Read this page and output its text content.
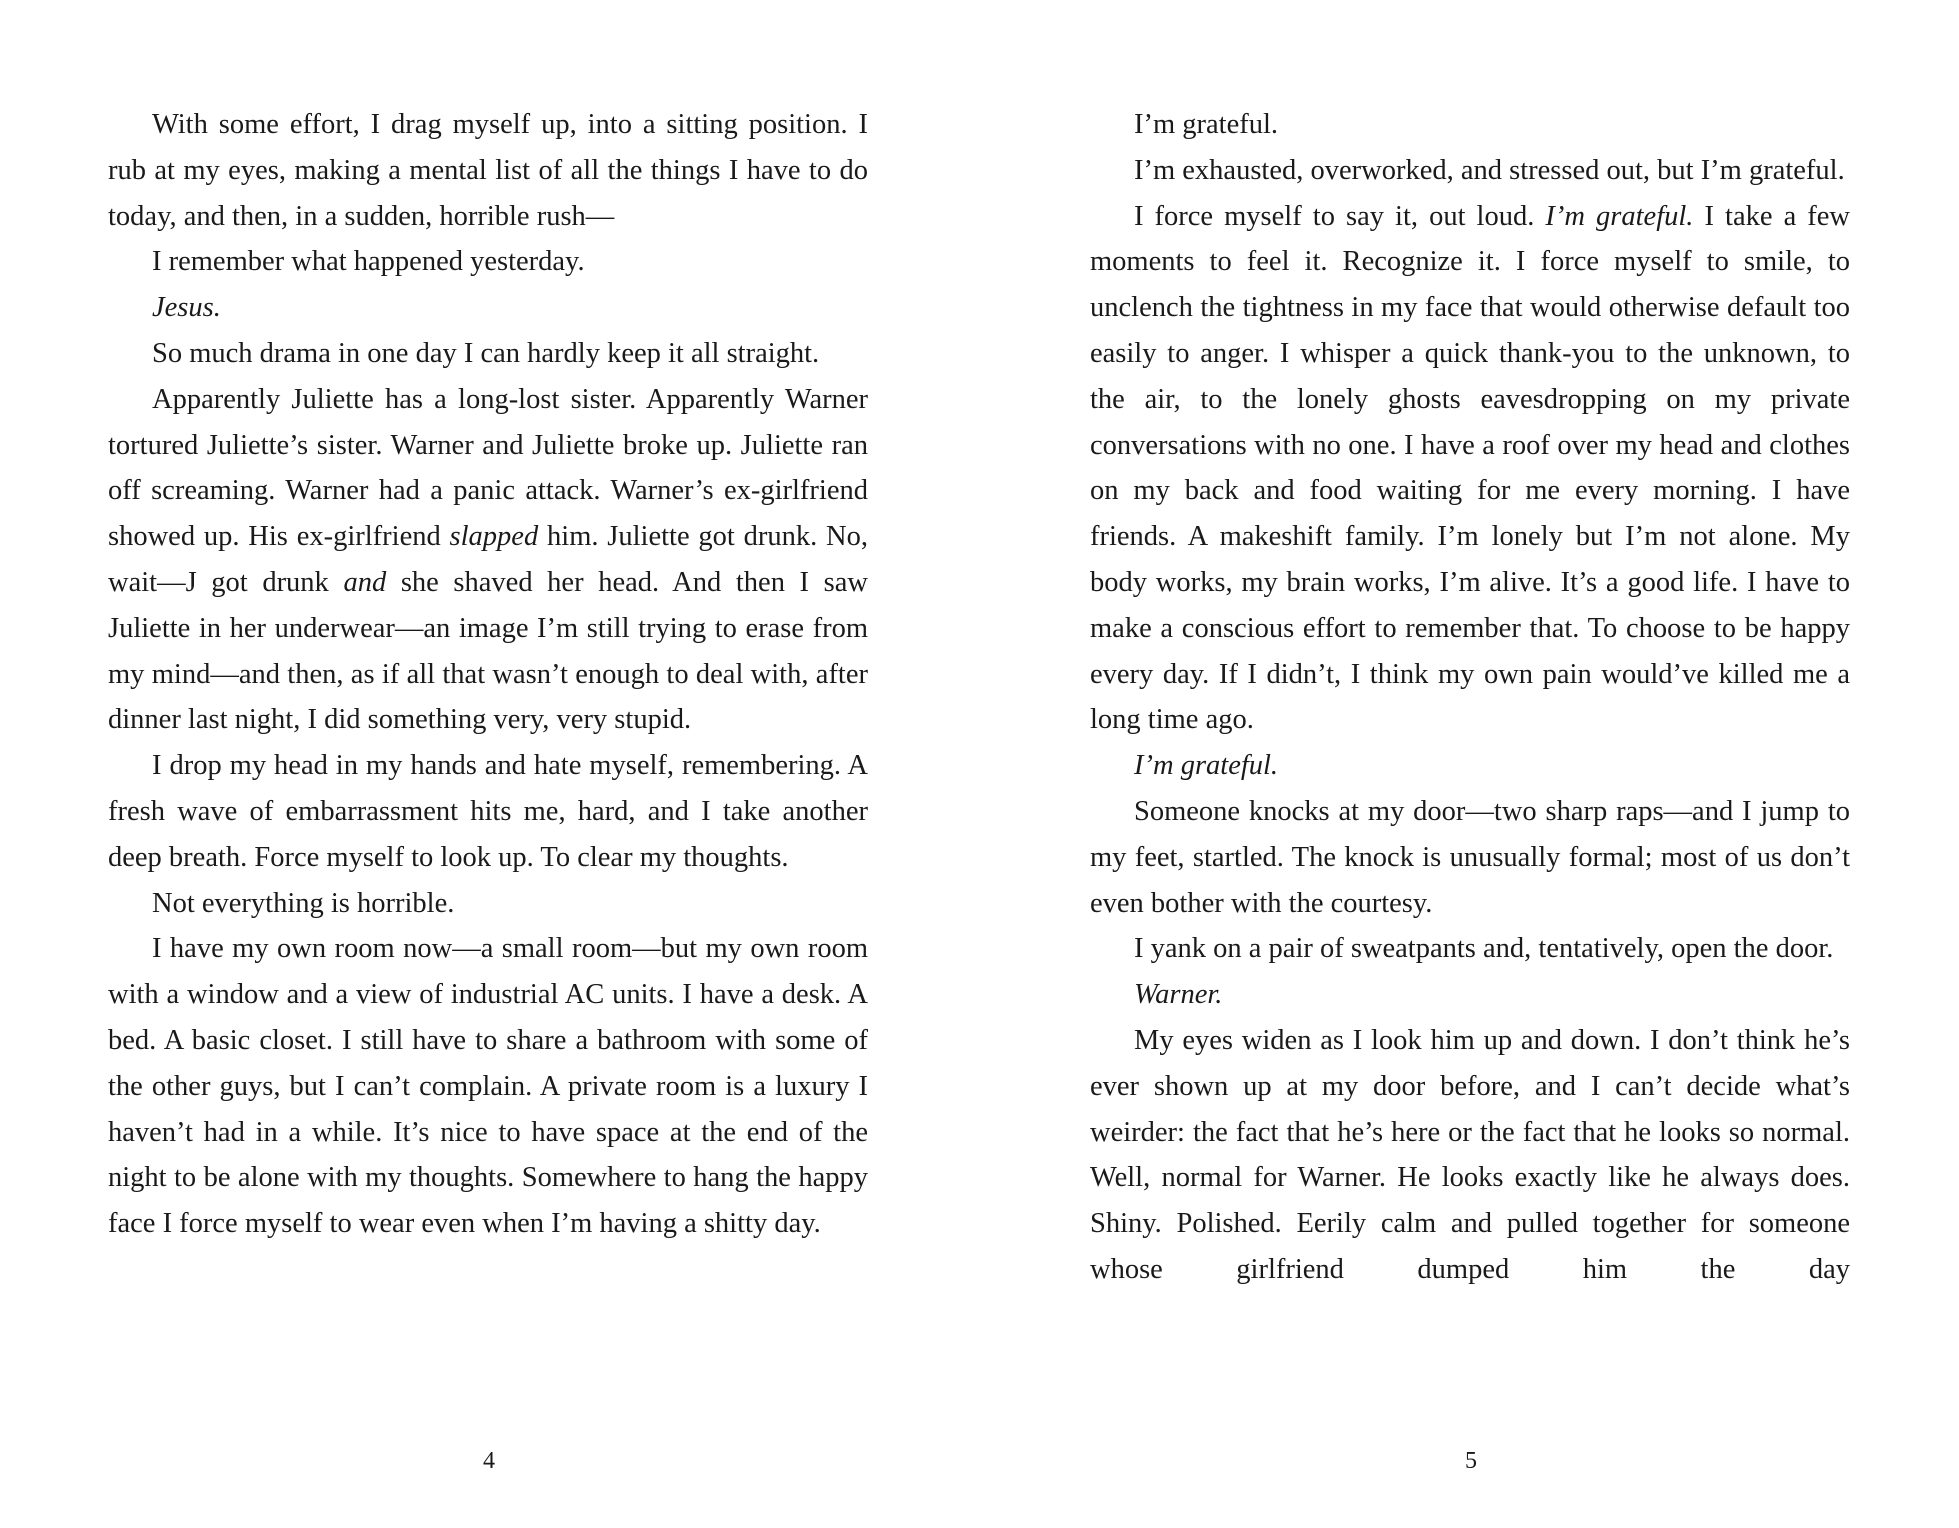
With some effort, I drag myself up, into a sitting position. I rub at my eyes, making a mental list of all the things I have to do today, and then, in a sudden, horrible rush—

I remember what happened yesterday.

Jesus.

So much drama in one day I can hardly keep it all straight.

Apparently Juliette has a long-lost sister. Apparently Warner tortured Juliette’s sister. Warner and Juliette broke up. Juliette ran off screaming. Warner had a panic attack. Warner’s ex-girlfriend showed up. His ex-girlfriend slapped him. Juliette got drunk. No, wait—J got drunk and she shaved her head. And then I saw Juliette in her underwear—an image I’m still trying to erase from my mind—and then, as if all that wasn’t enough to deal with, after dinner last night, I did something very, very stupid.

I drop my head in my hands and hate myself, remembering. A fresh wave of embarrassment hits me, hard, and I take another deep breath. Force myself to look up. To clear my thoughts.

Not everything is horrible.

I have my own room now—a small room—but my own room with a window and a view of industrial AC units. I have a desk. A bed. A basic closet. I still have to share a bathroom with some of the other guys, but I can’t complain. A private room is a luxury I haven’t had in a while. It’s nice to have space at the end of the night to be alone with my thoughts. Somewhere to hang the happy face I force myself to wear even when I’m having a shitty day.

4

I’m grateful.

I’m exhausted, overworked, and stressed out, but I’m grateful.

I force myself to say it, out loud. I’m grateful. I take a few moments to feel it. Recognize it. I force myself to smile, to unclench the tightness in my face that would otherwise default too easily to anger. I whisper a quick thank-you to the unknown, to the air, to the lonely ghosts eavesdropping on my private conversations with no one. I have a roof over my head and clothes on my back and food waiting for me every morning. I have friends. A makeshift family. I’m lonely but I’m not alone. My body works, my brain works, I’m alive. It’s a good life. I have to make a conscious effort to remember that. To choose to be happy every day. If I didn’t, I think my own pain would’ve killed me a long time ago.

I’m grateful.

Someone knocks at my door—two sharp raps—and I jump to my feet, startled. The knock is unusually formal; most of us don’t even bother with the courtesy.

I yank on a pair of sweatpants and, tentatively, open the door.

Warner.

My eyes widen as I look him up and down. I don’t think he’s ever shown up at my door before, and I can’t decide what’s weirder: the fact that he’s here or the fact that he looks so normal. Well, normal for Warner. He looks exactly like he always does. Shiny. Polished. Eerily calm and pulled together for someone whose girlfriend dumped him the day

5
